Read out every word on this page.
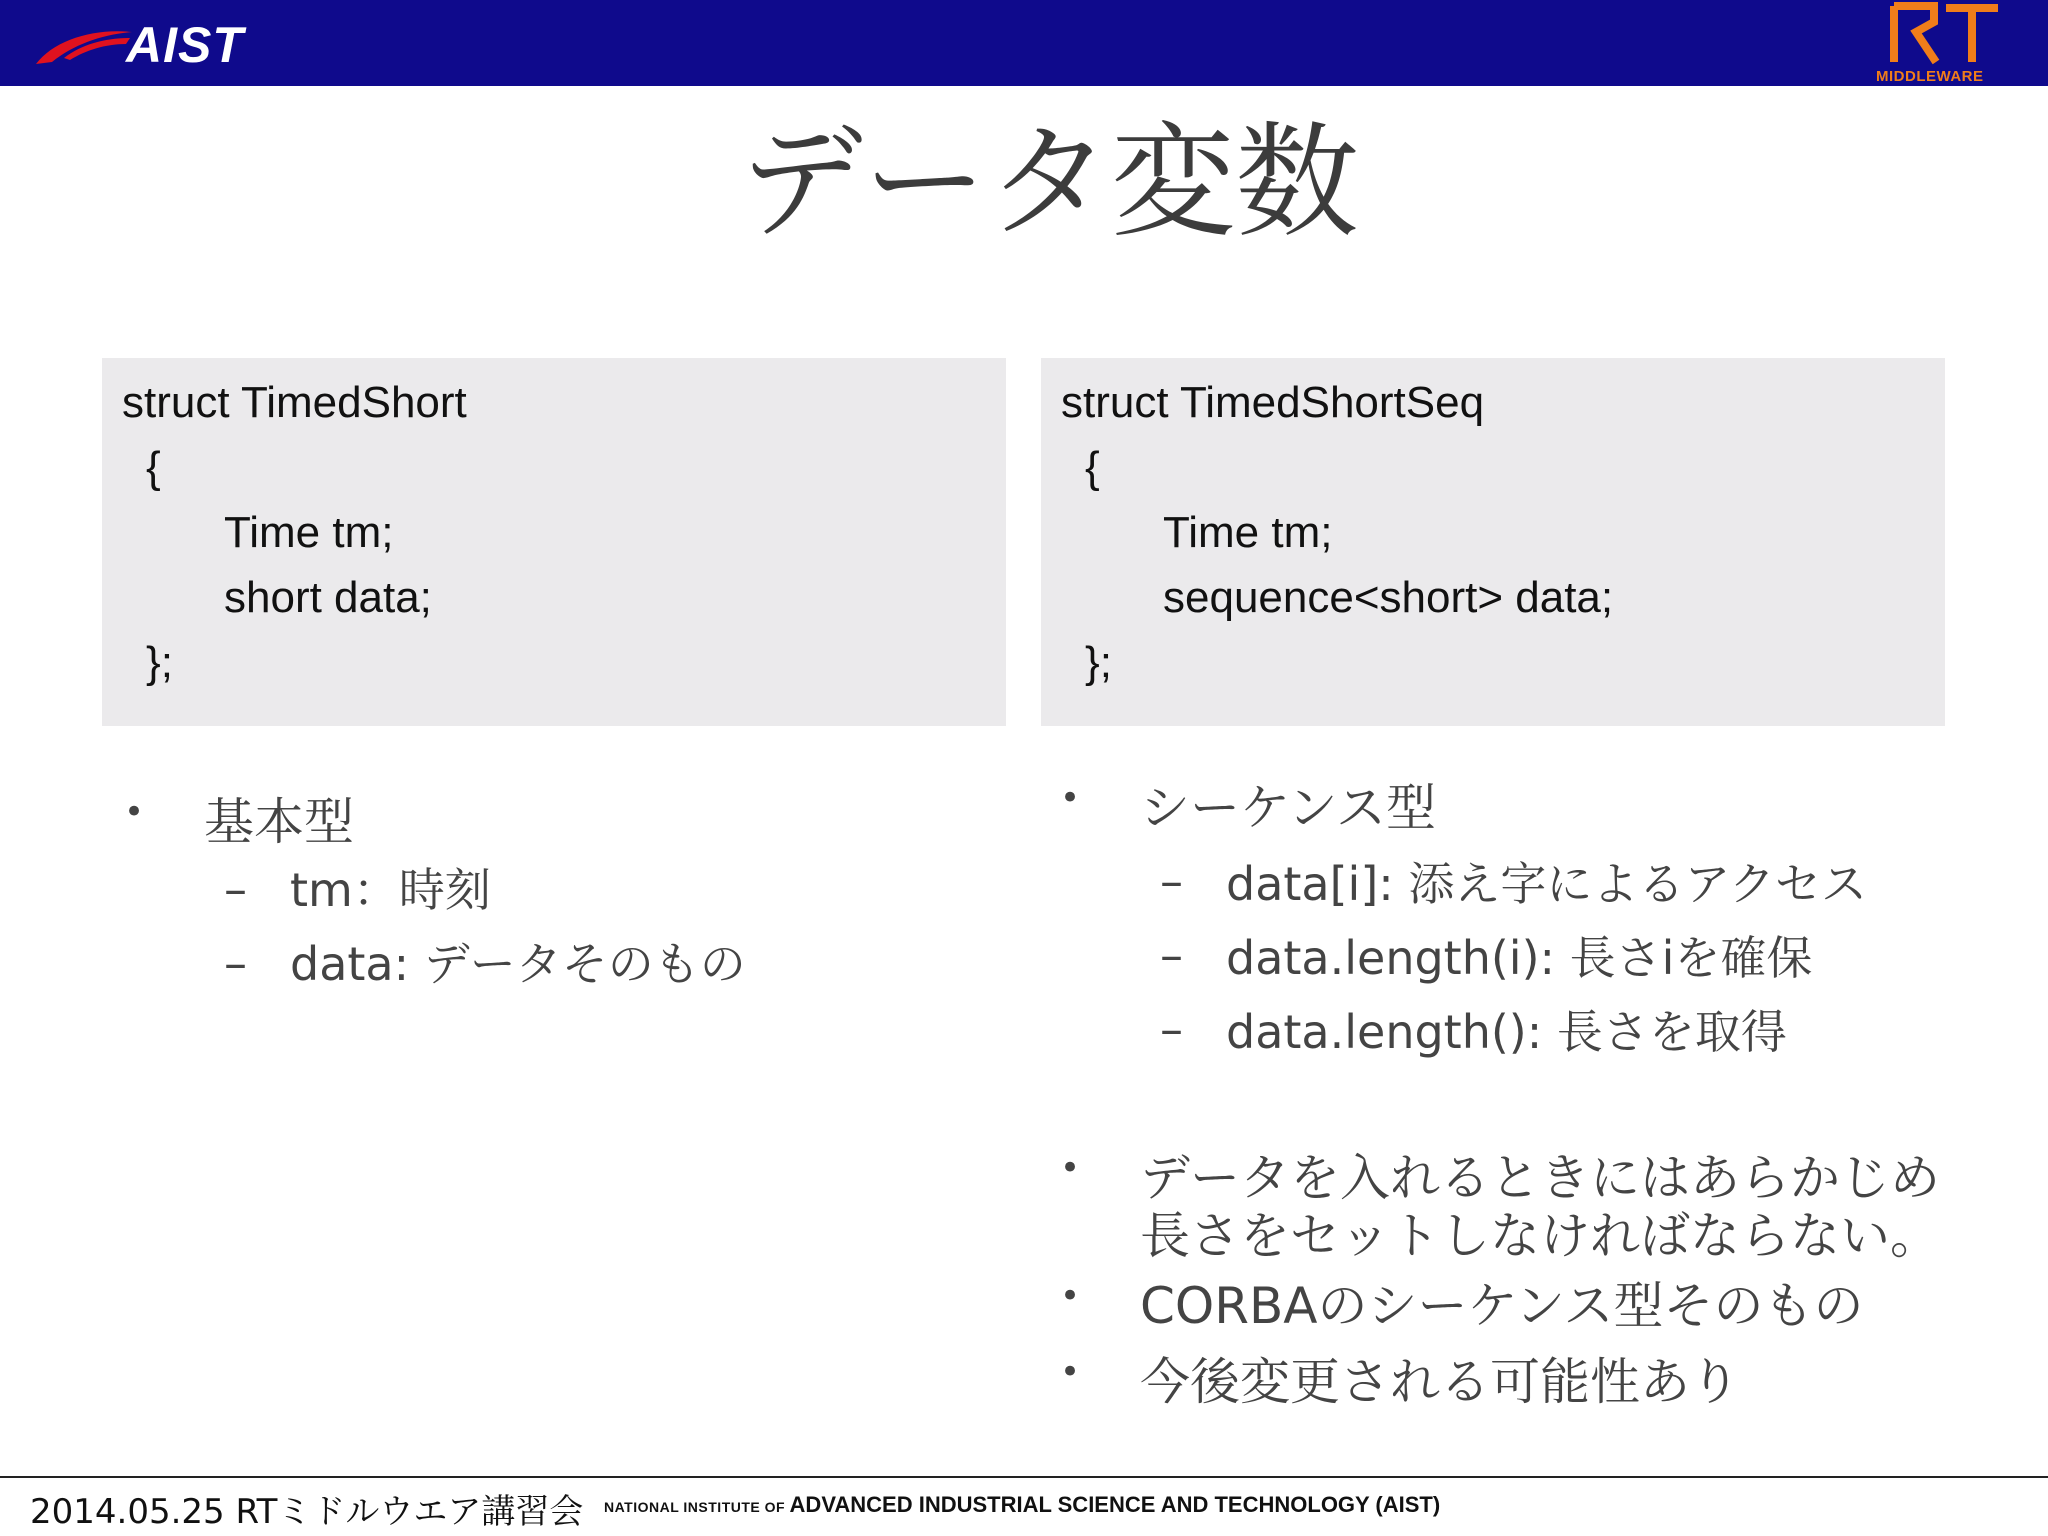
AIST
MIDDLEWARE
データ変数
struct TimedShort
{
Time tm;
short data;
};
struct TimedShortSeq
{
Time tm;
sequence<short> data;
};
• 基本型
– tm：時刻
– data: データそのもの
• シーケンス型
– data[i]: 添え字によるアクセス
– data.length(i): 長さiを確保
– data.length(): 長さを取得
• データを入れるときにはあらかじめ
長さをセットしなければならない。
• CORBAのシーケンス型そのもの
• 今後変更される可能性あり
2014.05.25 RTミドルウエア講習会 NATIONAL INSTITUTE OF ADVANCED INDUSTRIAL SCIENCE AND TECHNOLOGY (AIST)
